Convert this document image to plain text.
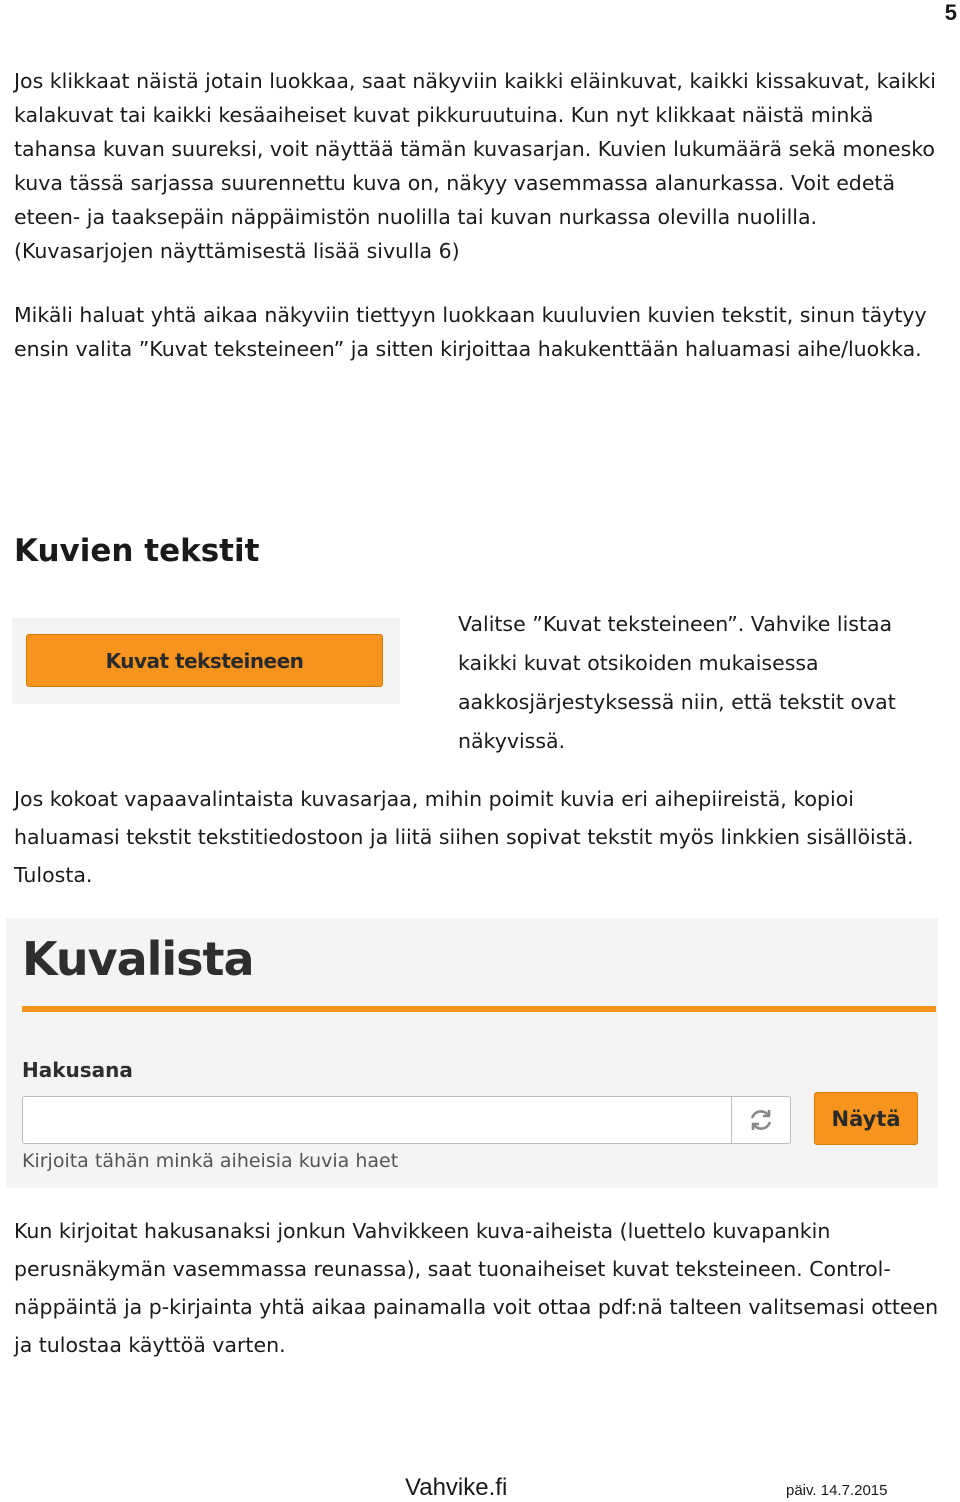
5

Jos klikkaat näistä jotain luokkaa, saat näkyviin kaikki eläinkuvat, kaikki kissakuvat, kaikki kalakuvat tai kaikki kesäaiheiset kuvat pikkuruutuina. Kun nyt klikkaat näistä minkä tahansa kuvan suureksi, voit näyttää tämän kuvasarjan. Kuvien lukumäärä sekä monesko kuva tässä sarjassa suurennettu kuva on, näkyy vasemmassa alanurkassa. Voit edetä eteen- ja taaksepäin näppäimistön nuolilla tai kuvan nurkassa olevilla nuolilla. (Kuvasarjojen näyttämisestä lisää sivulla 6)

Mikäli haluat yhtä aikaa näkyviin tiettyyn luokkaan kuuluvien kuvien tekstit, sinun täytyy ensin valita ”Kuvat teksteineen” ja sitten kirjoittaa hakukenttään haluamasi aihe/luokka.

Kuvien tekstit
Kuvat teksteineen

Valitse ”Kuvat teksteineen”. Vahvike listaa kaikki kuvat otsikoiden mukaisessa aakkosjärjestyksessä niin, että tekstit ovat näkyvissä.

Jos kokoat vapaavalintaista kuvasarjaa, mihin poimit kuvia eri aihepiireistä, kopioi haluamasi tekstit tekstitiedostoon ja liitä siihen sopivat tekstit myös linkkien sisällöistä. Tulosta.

Kuvalista
Hakusana
Näytä
Kirjoita tähän minkä aiheisia kuvia haet

Kun kirjoitat hakusanaksi jonkun Vahvikkeen kuva-aiheista (luettelo kuvapankin perusnäkymän vasemmassa reunassa), saat tuonaiheiset kuvat teksteineen. Control-näppäintä ja p-kirjainta yhtä aikaa painamalla voit ottaa pdf:nä talteen valitsemasi otteen ja tulostaa käyttöä varten.

Vahvike.fi	päiv. 14.7.2015
